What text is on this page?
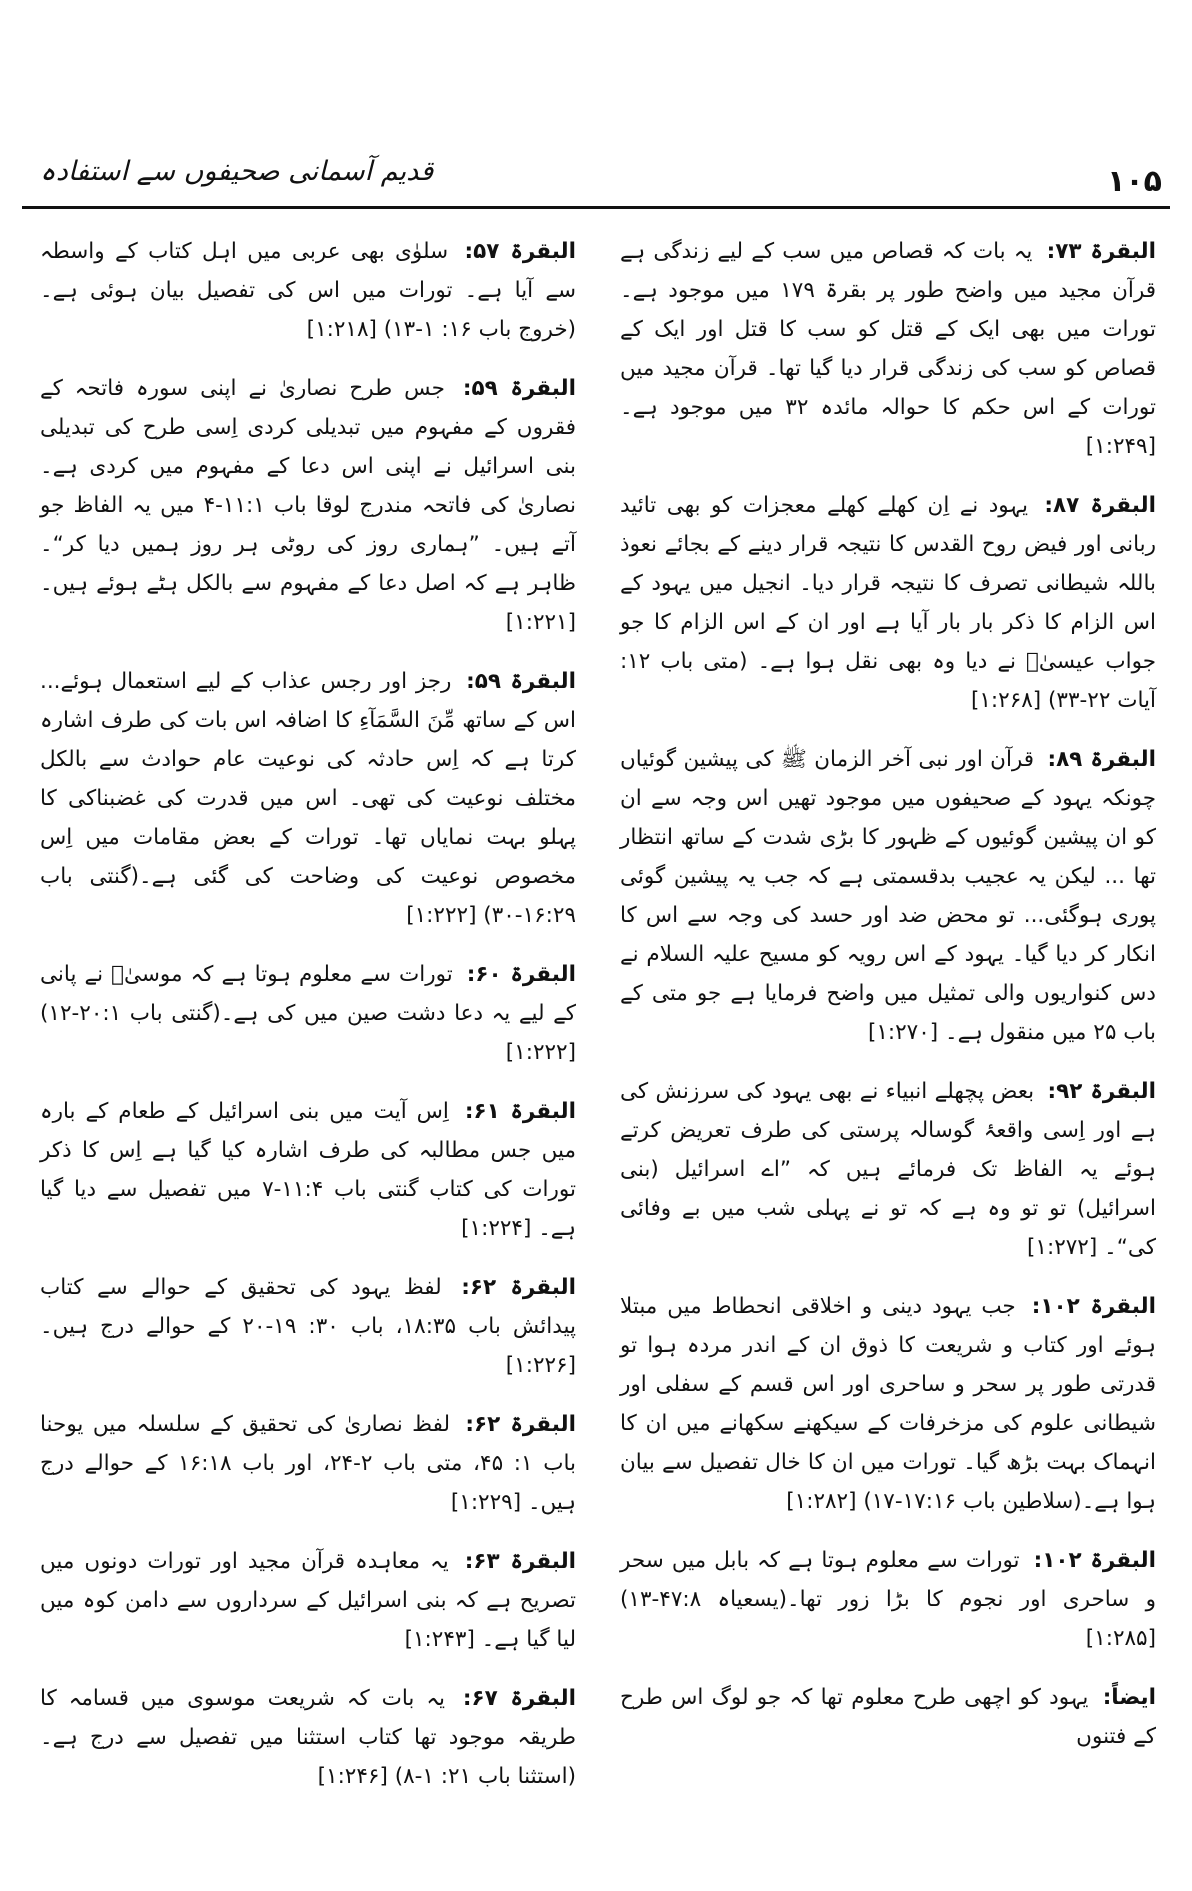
۱۰۵
قدیم آسمانی صحیفوں سے استفادہ

البقرۃ ۵۷: سلوٰی بھی عربی میں اہل کتاب کے واسطہ سے آیا ہے۔ تورات میں اس کی تفصیل بیان ہوئی ہے۔(خروج باب ۱۶: ۱-۱۳) [۱:۲۱۸]

البقرۃ ۵۹: جس طرح نصاریٰ نے اپنی سورہ فاتحہ کے فقروں کے مفہوم میں تبدیلی کردی اِسی طرح کی تبدیلی بنی اسرائیل نے اپنی اس دعا کے مفہوم میں کردی ہے۔ نصاریٰ کی فاتحہ مندرج لوقا باب ۱۱:۱-۴ میں یہ الفاظ جو آتے ہیں۔ ”ہماری روز کی روٹی ہر روز ہمیں دیا کر“۔ ظاہر ہے کہ اصل دعا کے مفہوم سے بالکل ہٹے ہوئے ہیں۔ [۱:۲۲۱]

البقرۃ ۵۹: رجز اور رجس عذاب کے لیے استعمال ہوئے... اس کے ساتھ مِّنَ السَّمَآءِ کا اضافہ اس بات کی طرف اشارہ کرتا ہے کہ اِس حادثہ کی نوعیت عام حوادث سے بالکل مختلف نوعیت کی تھی۔ اس میں قدرت کی غضبناکی کا پہلو بہت نمایاں تھا۔ تورات کے بعض مقامات میں اِس مخصوص نوعیت کی وضاحت کی گئی ہے۔(گنتی باب ۱۶:۲۹-۳۰) [۱:۲۲۲]

البقرۃ ۶۰: تورات سے معلوم ہوتا ہے کہ موسیٰؑ نے پانی کے لیے یہ دعا دشت صین میں کی ہے۔(گنتی باب ۲۰:۱-۱۲) [۱:۲۲۲]

البقرۃ ۶۱: اِس آیت میں بنی اسرائیل کے طعام کے بارہ میں جس مطالبہ کی طرف اشارہ کیا گیا ہے اِس کا ذکر تورات کی کتاب گنتی باب ۱۱:۴-۷ میں تفصیل سے دیا گیا ہے۔ [۱:۲۲۴]

البقرۃ ۶۲: لفظ یہود کی تحقیق کے حوالے سے کتاب پیدائش باب ۱۸:۳۵، باب ۳۰: ۱۹-۲۰ کے حوالے درج ہیں۔ [۱:۲۲۶]

البقرۃ ۶۲: لفظ نصاریٰ کی تحقیق کے سلسلہ میں یوحنا باب ۱: ۴۵، متی باب ۲-۲۴، اور باب ۱۶:۱۸ کے حوالے درج ہیں۔ [۱:۲۲۹]

البقرۃ ۶۳: یہ معاہدہ قرآن مجید اور تورات دونوں میں تصریح ہے کہ بنی اسرائیل کے سرداروں سے دامن کوہ میں لیا گیا ہے۔ [۱:۲۴۳]

البقرۃ ۶۷: یہ بات کہ شریعت موسوی میں قسامہ کا طریقہ موجود تھا کتاب استثنا میں تفصیل سے درج ہے۔ (استثنا باب ۲۱: ۱-۸) [۱:۲۴۶]

البقرۃ ۷۳: یہ بات کہ قصاص میں سب کے لیے زندگی ہے قرآن مجید میں واضح طور پر بقرۃ ۱۷۹ میں موجود ہے۔ تورات میں بھی ایک کے قتل کو سب کا قتل اور ایک کے قصاص کو سب کی زندگی قرار دیا گیا تھا۔ قرآن مجید میں تورات کے اس حکم کا حوالہ مائدہ ۳۲ میں موجود ہے۔ [۱:۲۴۹]

البقرۃ ۸۷: یہود نے اِن کھلے کھلے معجزات کو بھی تائید ربانی اور فیض روح القدس کا نتیجہ قرار دینے کے بجائے نعوذ باللہ شیطانی تصرف کا نتیجہ قرار دیا۔ انجیل میں یہود کے اس الزام کا ذکر بار بار آیا ہے اور ان کے اس الزام کا جو جواب عیسیٰؑ نے دیا وہ بھی نقل ہوا ہے۔ (متی باب ۱۲: آیات ۲۲-۳۳) [۱:۲۶۸]

البقرۃ ۸۹: قرآن اور نبی آخر الزمان ﷺ کی پیشین گوئیاں چونکہ یہود کے صحیفوں میں موجود تھیں اس وجہ سے ان کو ان پیشین گوئیوں کے ظہور کا بڑی شدت کے ساتھ انتظار تھا ... لیکن یہ عجیب بدقسمتی ہے کہ جب یہ پیشین گوئی پوری ہوگئی... تو محض ضد اور حسد کی وجہ سے اس کا انکار کر دیا گیا۔ یہود کے اس رویہ کو مسیح علیہ السلام نے دس کنواریوں والی تمثیل میں واضح فرمایا ہے جو متی کے باب ۲۵ میں منقول ہے۔ [۱:۲۷۰]

البقرۃ ۹۲: بعض پچھلے انبیاء نے بھی یہود کی سرزنش کی ہے اور اِسی واقعۂ گوسالہ پرستی کی طرف تعریض کرتے ہوئے یہ الفاظ تک فرمائے ہیں کہ ”اے اسرائیل (بنی اسرائیل) تو تو وہ ہے کہ تو نے پہلی شب میں بے وفائی کی“۔ [۱:۲۷۲]

البقرۃ ۱۰۲: جب یہود دینی و اخلاقی انحطاط میں مبتلا ہوئے اور کتاب و شریعت کا ذوق ان کے اندر مردہ ہوا تو قدرتی طور پر سحر و ساحری اور اس قسم کے سفلی اور شیطانی علوم کی مزخرفات کے سیکھنے سکھانے میں ان کا انہماک بہت بڑھ گیا۔ تورات میں ان کا خال تفصیل سے بیان ہوا ہے۔(سلاطین باب ۱۷:۱۶-۱۷) [۱:۲۸۲]

البقرۃ ۱۰۲: تورات سے معلوم ہوتا ہے کہ بابل میں سحر و ساحری اور نجوم کا بڑا زور تھا۔(یسعیاہ ۴۷:۸-۱۳) [۱:۲۸۵]

ایضاً: یہود کو اچھی طرح معلوم تھا کہ جو لوگ اس طرح کے فتنوں
